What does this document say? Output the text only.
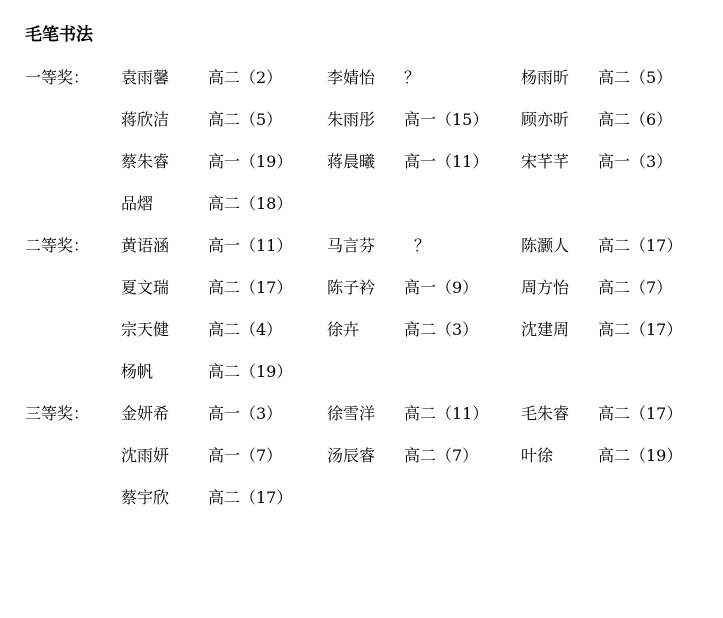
毛笔书法
一等奖： 袁雨馨 高二（2）	李婧怡 ？	杨雨昕 高二（5）
蒋欣洁 高二（5）	朱雨彤 高一（15） 顾亦昕 高二（6）
蔡朱睿 高一（19） 蒋晨曦 高一（11） 宋芊芊 高一（3）
品熠	高二（18）
二等奖： 黄语涵 高一（11） 马言芬 ？	陈灏人 高二（17）
夏文瑞 高二（17） 陈子衿 高一（9）	周方怡 高二（7）
宗天健 高二（4）	徐卉	高二（3）	沈建周 高二（17）
杨帆	高二（19）
三等奖： 金妍希 高一（3）	徐雪洋 高二（11） 毛朱睿 高二（17）
沈雨妍 高一（7）	汤辰睿 高二（7）	叶徐	高二（19）
蔡宇欣 高二（17）
